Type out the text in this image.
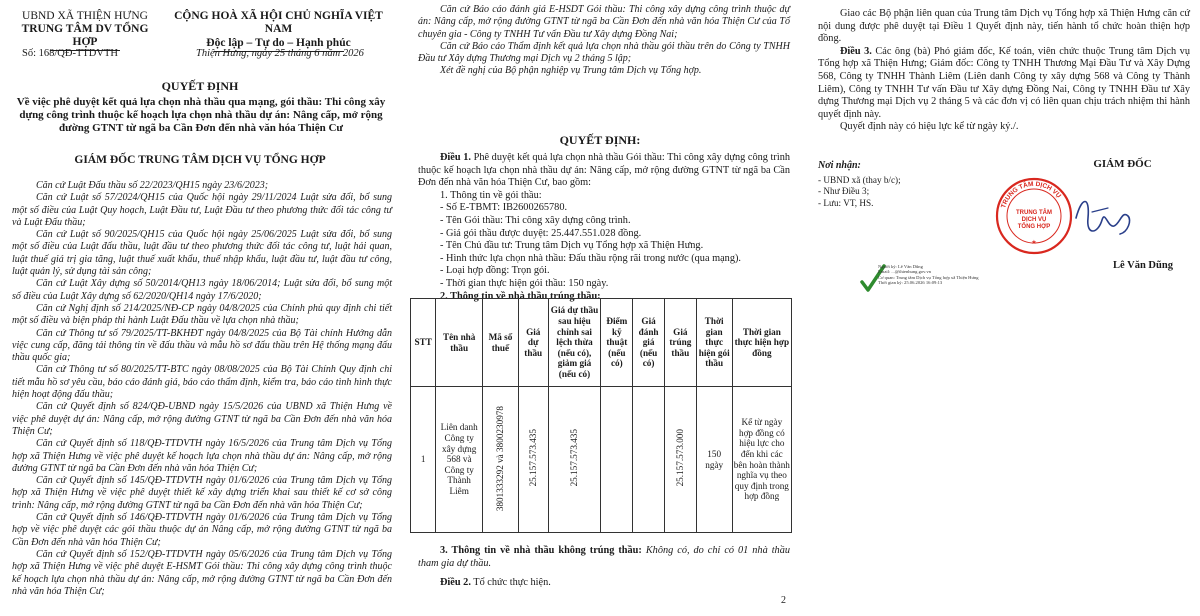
UBND XÃ THIỆN HƯNG
TRUNG TÂM DV TỔNG HỢP
CỘNG HOÀ XÃ HỘI CHỦ NGHĨA VIỆT NAM
Độc lập – Tự do – Hạnh phúc
Số: 168/QĐ-TTDVTH	Thiện Hưng, ngày 25 tháng 6 năm 2026
QUYẾT ĐỊNH
Về việc phê duyệt kết quả lựa chọn nhà thầu qua mạng, gói thầu: Thi công xây dựng công trình thuộc kế hoạch lựa chọn nhà thầu dự án: Nâng cấp, mở rộng đường GTNT từ ngã ba Cần Đơn đến nhà văn hóa Thiện Cư
GIÁM ĐỐC TRUNG TÂM DỊCH VỤ TỔNG HỢP

Căn cứ Luật Đấu thầu số 22/2023/QH15 ngày 23/6/2023;

Căn cứ Luật số 57/2024/QH15 của Quốc hội ngày 29/11/2024 Luật sửa đổi, bổ sung một số điều của Luật Quy hoạch, Luật Đầu tư, Luật Đầu tư theo phương thức đối tác công tư và Luật Đấu thầu;

Căn cứ Luật số 90/2025/QH15 của Quốc hội ngày 25/06/2025 Luật sửa đổi, bổ sung một số điều của Luật đấu thầu, luật đầu tư theo phương thức đối tác công tư, luật hải quan, luật thuế giá trị gia tăng, luật thuế xuất khẩu, thuế nhập khẩu, luật đầu tư, luật đầu tư công, luật quản lý, sử dụng tài sản công;

Căn cứ Luật Xây dựng số 50/2014/QH13 ngày 18/06/2014; Luật sửa đổi, bổ sung một số điều của Luật Xây dựng số 62/2020/QH14 ngày 17/6/2020;

Căn cứ Nghị định số 214/2025/NĐ-CP ngày 04/8/2025 của Chính phủ quy định chi tiết một số điều và biện pháp thi hành Luật Đấu thầu về lựa chọn nhà thầu;

Căn cứ Thông tư số 79/2025/TT-BKHĐT ngày 04/8/2025 của Bộ Tài chính Hướng dẫn việc cung cấp, đăng tải thông tin về đấu thầu và mẫu hồ sơ đấu thầu trên Hệ thống mạng đấu thầu quốc gia;

Căn cứ Thông tư số 80/2025/TT-BTC ngày 08/08/2025 của Bộ Tài Chính Quy định chi tiết mẫu hồ sơ yêu cầu, báo cáo đánh giá, báo cáo thẩm định, kiểm tra, báo cáo tình hình thực hiện hoạt động đấu thầu;

Căn cứ Quyết định số 824/QĐ-UBND ngày 15/5/2026 của UBND xã Thiện Hưng về việc phê duyệt dự án: Nâng cấp, mở rộng đường GTNT từ ngã ba Cần Đơn đến nhà văn hóa Thiện Cư;

Căn cứ Quyết định số 118/QĐ-TTDVTH ngày 16/5/2026 của Trung tâm Dịch vụ Tổng hợp xã Thiện Hưng về việc phê duyệt kế hoạch lựa chọn nhà thầu dự án: Nâng cấp, mở rộng đường GTNT từ ngã ba Cần Đơn đến nhà văn hóa Thiện Cư;

Căn cứ Quyết định số 145/QĐ-TTDVTH ngày 01/6/2026 của Trung tâm Dịch vụ Tổng hợp xã Thiện Hưng về việc phê duyệt thiết kế xây dựng triển khai sau thiết kế cơ sở công trình: Nâng cấp, mở rộng đường GTNT từ ngã ba Cần Đơn đến nhà văn hóa Thiện Cư;

Căn cứ Quyết định số 146/QĐ-TTDVTH ngày 01/6/2026 của Trung tâm Dịch vụ Tổng hợp về việc phê duyệt các gói thầu thuộc dự án Nâng cấp, mở rộng đường GTNT từ ngã ba Cần Đơn đến nhà văn hóa Thiện Cư;

Căn cứ Quyết định số 152/QĐ-TTDVTH ngày 05/6/2026 của Trung tâm Dịch vụ Tổng hợp xã Thiện Hưng về việc phê duyệt E-HSMT Gói thầu: Thi công xây dựng công trình thuộc kế hoạch lựa chọn nhà thầu dự án: Nâng cấp, mở rộng đường GTNT từ ngã ba Cần Đơn đến nhà văn hóa Thiện Cư;

Căn cứ Báo cáo đánh giá E-HSDT Gói thầu: Thi công xây dựng công trình thuộc dự án: Nâng cấp, mở rộng đường GTNT từ ngã ba Cần Đơn đến nhà văn hóa Thiện Cư của Tổ chuyên gia - Công ty TNHH Tư vấn Đầu tư Xây dựng Đồng Nai;

Căn cứ Báo cáo Thẩm định kết quả lựa chọn nhà thầu gói thầu trên do Công ty TNHH Đầu tư Xây dựng Thương mại Dịch vụ 2 tháng 5 lập;

Xét đề nghị của Bộ phận nghiệp vụ Trung tâm Dịch vụ Tổng hợp.

QUYẾT ĐỊNH:

Điều 1. Phê duyệt kết quả lựa chọn nhà thầu Gói thầu: Thi công xây dựng công trình thuộc kế hoạch lựa chọn nhà thầu dự án: Nâng cấp, mở rộng đường GTNT từ ngã ba Cần Đơn đến nhà văn hóa Thiện Cư, bao gồm:

1. Thông tin về gói thầu:

- Số E-TBMT: IB2600265780.

- Tên Gói thầu: Thi công xây dựng công trình.

- Giá gói thầu được duyệt: 25.447.551.028 đồng.

- Tên Chủ đầu tư: Trung tâm Dịch vụ Tổng hợp xã Thiện Hưng.

- Hình thức lựa chọn nhà thầu: Đấu thầu rộng rãi trong nước (qua mạng).

- Loại hợp đồng: Trọn gói.

- Thời gian thực hiện gói thầu: 150 ngày.

2. Thông tin về nhà thầu trúng thầu:

STT	Tên nhà thầu	Mã số thuế	Giá dự thầu	Giá dự thầu sau hiệu chỉnh sai lệch thừa (nếu có), giảm giá (nếu có)	Điểm kỹ thuật (nếu có)	Giá đánh giá (nếu có)	Giá trúng thầu	Thời gian thực hiện gói thầu	Thời gian thực hiện hợp đồng
1	Liên danh Công ty xây dựng 568 và Công ty Thành Liêm	3801333292 và 3800230978	25.157.573.435	25.157.573.435			25.157.573.000	150 ngày	Kể từ ngày hợp đồng có hiệu lực cho đến khi các bên hoàn thành nghĩa vụ theo quy định trong hợp đồng

3. Thông tin về nhà thầu không trúng thầu: Không có, do chỉ có 01 nhà thầu tham gia dự thầu.

Điều 2. Tổ chức thực hiện.

2

Giao các Bộ phận liên quan của Trung tâm Dịch vụ Tổng hợp xã Thiện Hưng căn cứ nội dung được phê duyệt tại Điều 1 Quyết định này, tiến hành tổ chức hoàn thiện hợp đồng.

Điều 3. Các ông (bà) Phó giám đốc, Kế toán, viên chức thuộc Trung tâm Dịch vụ Tổng hợp xã Thiện Hưng; Giám đốc: Công ty TNHH Thương Mại Đầu Tư và Xây Dựng 568, Công ty TNHH Thành Liêm (Liên danh Công ty xây dựng 568 và Công ty Thành Liêm), Công ty TNHH Tư vấn Đầu tư Xây dựng Đồng Nai, Công ty TNHH Đầu tư Xây dựng Thương mại Dịch vụ 2 tháng 5 và các đơn vị có liên quan chịu trách nhiệm thi hành quyết định này.

Quyết định này có hiệu lực kể từ ngày ký./.

Nơi nhận:
- UBND xã (thay b/c);
- Như Điều 3;
- Lưu: VT, HS.
GIÁM ĐỐC
TRUNG TÂM DỊCH VỤ
TRUNG TÂM
DỊCH VỤ
TỔNG HỢP
★
Lê Văn Dũng
Người ký: Lê Văn Dũng
Email: ...@thienhung.gov.vn
Cơ quan: Trung tâm Dịch vụ Tổng hợp xã Thiện Hưng
Thời gian ký: 25.06.2026 16:09:13
